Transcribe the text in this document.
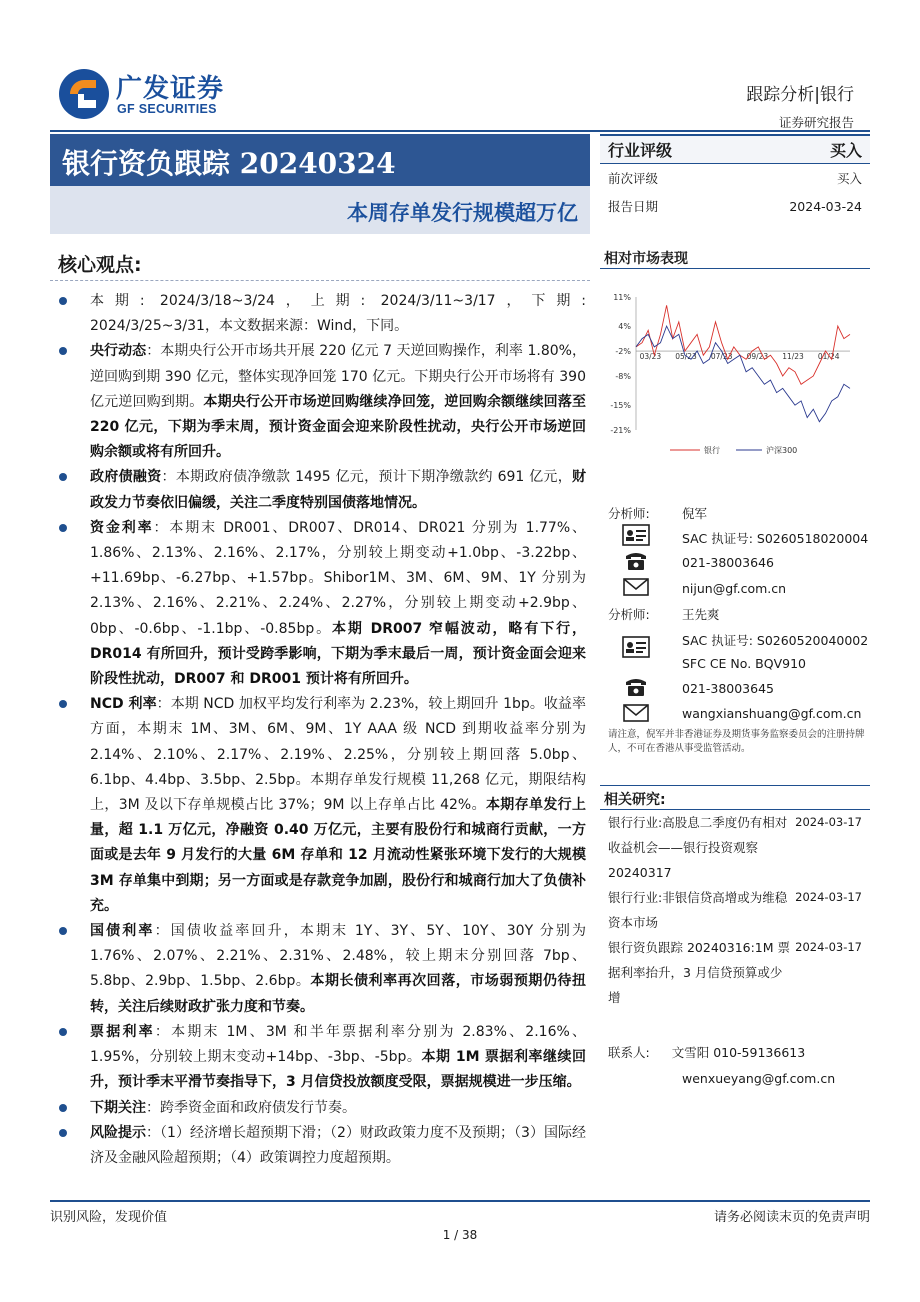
广发证券
GF SECURITIES
跟踪分析|银行
证券研究报告
银行资负跟踪 20240324
本周存单发行规模超万亿
行业评级	买入
前次评级	买入
报告日期	2024-03-24
核心观点:
本期: 2024/3/18~3/24，上期: 2024/3/11~3/17，下期: 2024/3/25~3/31，本文数据来源：Wind，下同。
央行动态：本期央行公开市场共开展 220 亿元 7 天逆回购操作，利率 1.80%，逆回购到期 390 亿元，整体实现净回笼 170 亿元。下期央行公开市场将有 390 亿元逆回购到期。本期央行公开市场逆回购继续净回笼，逆回购余额继续回落至 220 亿元，下期为季末周，预计资金面会迎来阶段性扰动，央行公开市场逆回购余额或将有所回升。
政府债融资：本期政府债净缴款 1495 亿元，预计下期净缴款约 691 亿元，财政发力节奏依旧偏缓，关注二季度特别国债落地情况。
资金利率：本期末 DR001、DR007、DR014、DR021 分别为 1.77%、1.86%、2.13%、2.16%、2.17%，分别较上期变动+1.0bp、-3.22bp、+11.69bp、-6.27bp、+1.57bp。Shibor1M、3M、6M、9M、1Y 分别为 2.13%、2.16%、2.21%、2.24%、2.27%，分别较上期变动+2.9bp、0bp、-0.6bp、-1.1bp、-0.85bp。本期 DR007 窄幅波动，略有下行，DR014 有所回升，预计受跨季影响，下期为季末最后一周，预计资金面会迎来阶段性扰动，DR007 和 DR001 预计将有所回升。
NCD 利率：本期 NCD 加权平均发行利率为 2.23%，较上期回升 1bp。收益率方面，本期末 1M、3M、6M、9M、1Y AAA 级 NCD 到期收益率分别为 2.14%、2.10%、2.17%、2.19%、2.25%，分别较上期回落 5.0bp、6.1bp、4.4bp、3.5bp、2.5bp。本期存单发行规模 11,268 亿元，期限结构上，3M 及以下存单规模占比 37%；9M 以上存单占比 42%。本期存单发行上量，超 1.1 万亿元，净融资 0.40 万亿元，主要有股份行和城商行贡献，一方面或是去年 9 月发行的大量 6M 存单和 12 月流动性紧张环境下发行的大规模 3M 存单集中到期；另一方面或是存款竞争加剧，股份行和城商行加大了负债补充。
国债利率：国债收益率回升，本期末 1Y、3Y、5Y、10Y、30Y 分别为 1.76%、2.07%、2.21%、2.31%、2.48%，较上期末分别回落 7bp、5.8bp、2.9bp、1.5bp、2.6bp。本期长债利率再次回落，市场弱预期仍待扭转，关注后续财政扩张力度和节奏。
票据利率：本期末 1M、3M 和半年票据利率分别为 2.83%、2.16%、1.95%，分别较上期末变动+14bp、-3bp、-5bp。本期 1M 票据利率继续回升，预计季末平滑节奏指导下，3 月信贷投放额度受限，票据规模进一步压缩。
下期关注：跨季资金面和政府债发行节奏。
风险提示：（1）经济增长超预期下滑；（2）财政政策力度不及预期；（3）国际经济及金融风险超预期；（4）政策调控力度超预期。
相对市场表现
11%
4%
-2%
-8%
-15%
-21%
03/23 05/23 07/23 09/23 11/23 01/24
银行	沪深300
分析师:	倪军
SAC 执证号: S0260518020004
021-38003646
nijun@gf.com.cn
分析师:	王先爽
SAC 执证号: S0260520040002
SFC CE No. BQV910
021-38003645
wangxianshuang@gf.com.cn
请注意，倪军并非香港证券及期货事务监察委员会的注册持牌人，不可在香港从事受监管活动。
相关研究:
银行行业:高股息二季度仍有相对收益机会——银行投资观察 20240317
2024-03-17
银行行业:非银信贷高增或为维稳资本市场
2024-03-17
银行资负跟踪 20240316:1M 票据利率抬升，3 月信贷预算或少增
2024-03-17
联系人: 文雪阳 010-59136613
wenxueyang@gf.com.cn
识别风险，发现价值	请务必阅读末页的免责声明
1 / 38
